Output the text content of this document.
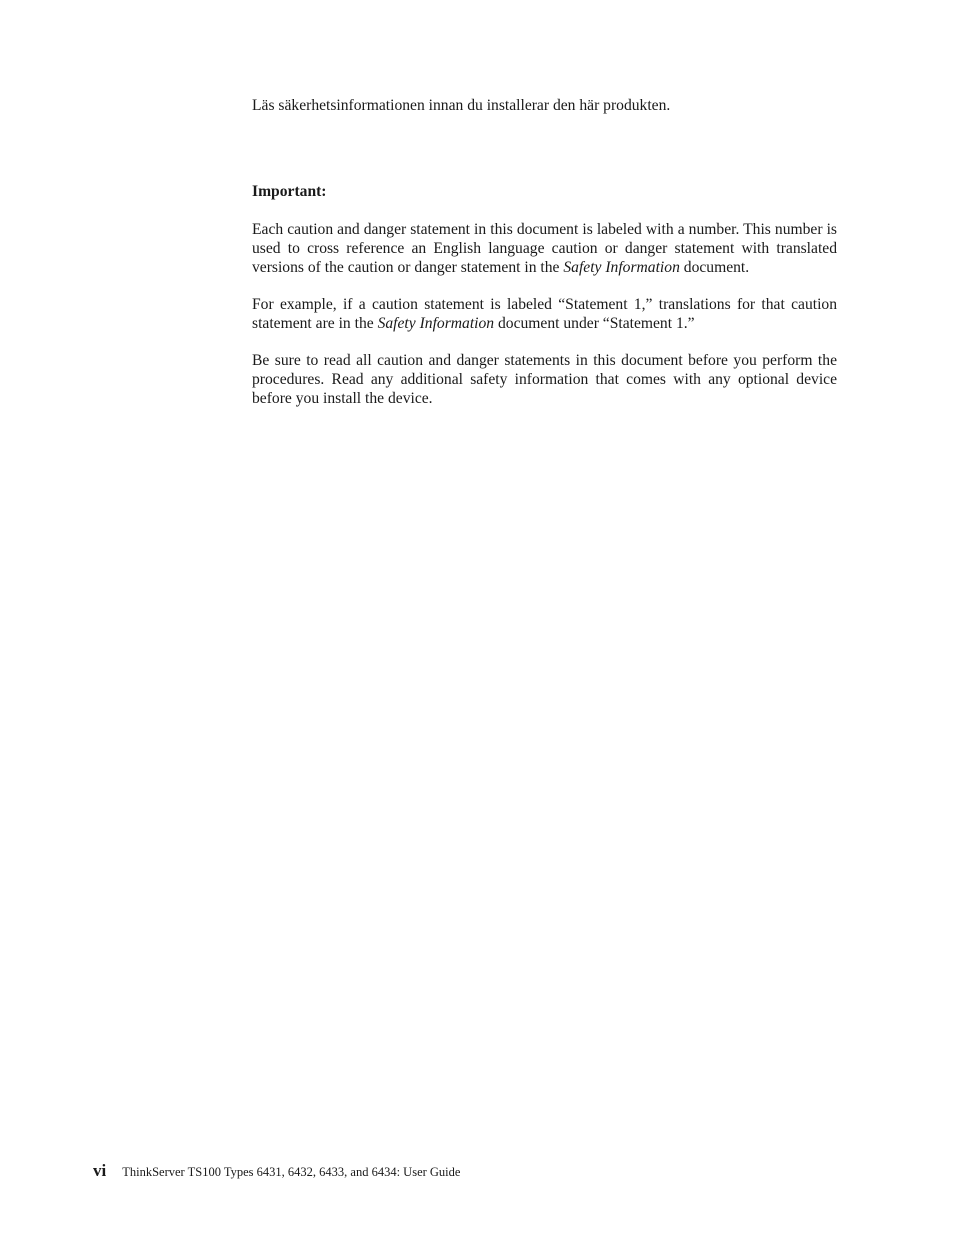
Läs säkerhetsinformationen innan du installerar den här produkten.

Important:

Each caution and danger statement in this document is labeled with a number. This number is used to cross reference an English language caution or danger statement with translated versions of the caution or danger statement in the Safety Information document.

For example, if a caution statement is labeled “Statement 1,” translations for that caution statement are in the Safety Information document under “Statement 1.”

Be sure to read all caution and danger statements in this document before you perform the procedures. Read any additional safety information that comes with any optional device before you install the device.

vi ThinkServer TS100 Types 6431, 6432, 6433, and 6434: User Guide
